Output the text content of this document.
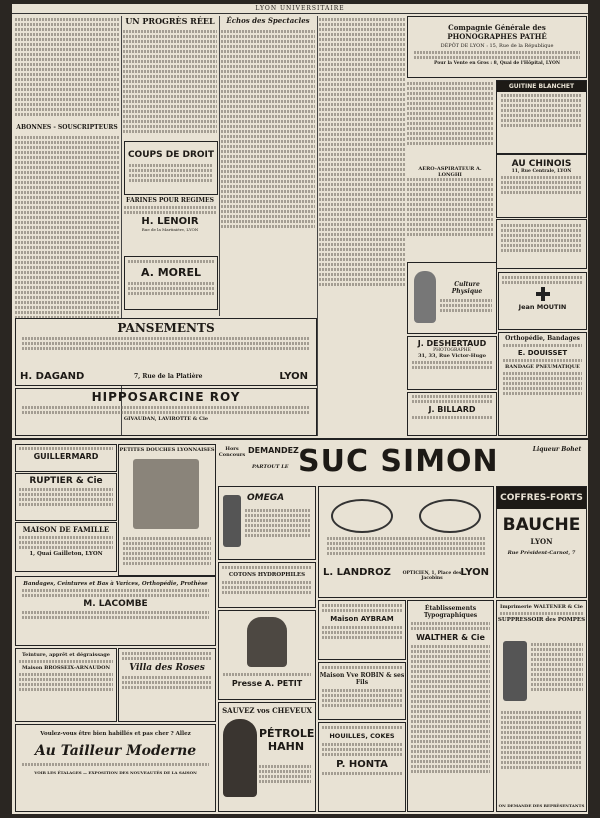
LYON UNIVERSITAIRE
ABONNÉS - SOUSCRIPTEURS
UN PROGRÈS RÉEL
COUPS DE DROIT
FARINES POUR RÉGIMES
H. LENOIR
Rue de la Martinière, LYON
A. MOREL
Échos des Spectacles
PANSEMENTS
H. DAGAND	7, Rue de la Platière	LYON
HIPPOSARCINE ROY
GIVAUDAN, LAVIROTTE & Cie
Compagnie Générale des PHONOGRAPHES PATHÉ
DÉPÔT DE LYON : 15, Rue de la République
Pour la Vente en Gros : 8, Quai de l'Hôpital, LYON
GUITINE BLANCHET
AU CHINOIS
11, Rue Centrale, LYON
AÉRO-ASPIRATEUR A. LONGHI
Culture Physique
J. DESHERTAUD
PHOTOGRAPHE
31, 33, Rue Victor-Hugo
J. BILLARD
Jean MOUTIN
Orthopédie, Bandages
E. DOUISSET
BANDAGE PNEUMATIQUE
GUILLERMARD
RUPTIER & Cie
MAISON DE FAMILLE
1, Quai Gailleton, LYON
PETITES DOUCHES LYONNAISES
Bandages, Ceintures et Bas à Varices, Orthopédie, Prothèse
M. LACOMBE
Teinture, apprêt et dégraissage
Maison BROSSEIX-ARNAUDON	Villa des Roses
Voulez-vous être bien habillés et pas cher ? Allez
Au Tailleur Moderne
VOIR LES ÉTALAGES — EXPOSITION DES NOUVEAUTÉS DE LA SAISON
Hors Concours DEMANDEZ
PARTOUT LE SUC SIMON	Liqueur Bohet
OMEGA
COTONS HYDROPHILES
Presse A. PETIT
SAUVEZ vos CHEVEUX
PÉTROLE HAHN
L. LANDROZ	OPTICIEN, 1, Place des Jacobins
LYON
Maison AYBRAM
Maison Vve ROBIN & ses Fils
HOUILLES, COKES
P. HONTA
Établissements Typographiques
WALTHER & Cie
COFFRES-FORTS
BAUCHE
LYON
Rue Président-Carnot, 7
Imprimerie WALTENER & Cie
SUPPRESSOIR des POMPES
ON DEMANDE DES REPRÉSENTANTS
